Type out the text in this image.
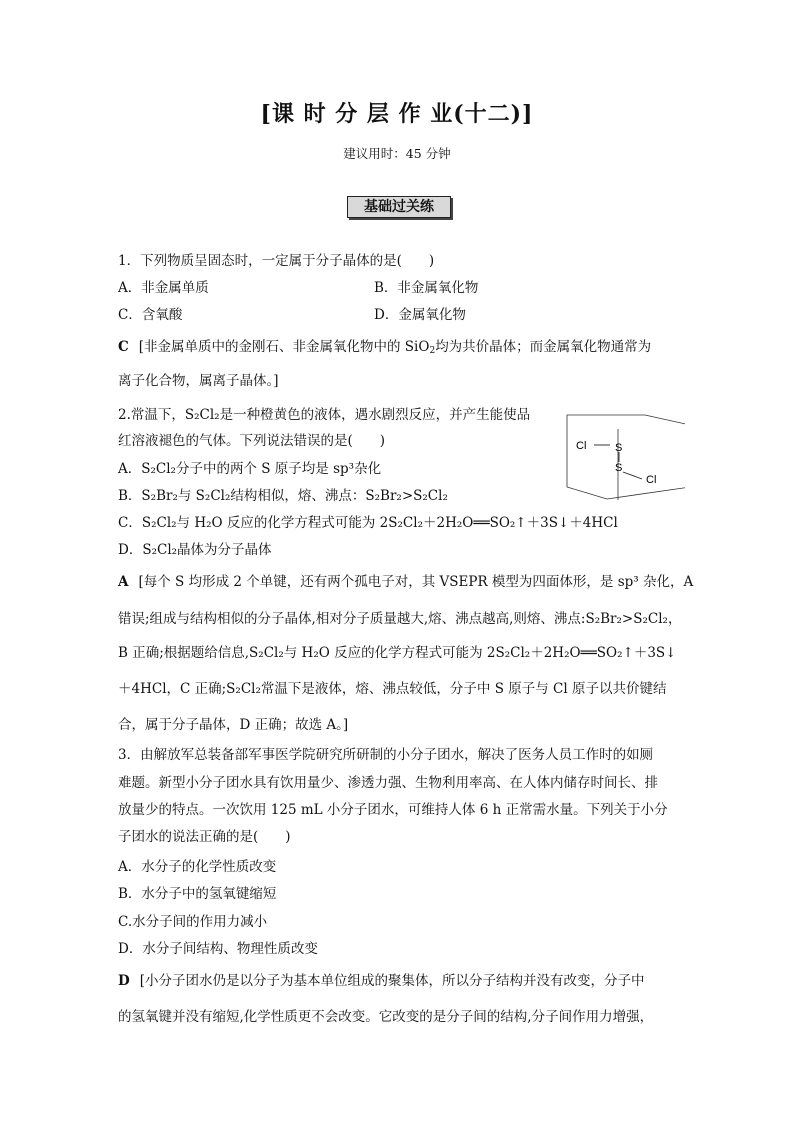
[课 时 分 层 作 业(十二)]
建议用时：45 分钟
基础过关练
1．下列物质呈固态时，一定属于分子晶体的是(　　)
A．非金属单质	B．非金属氧化物
C．含氧酸	D．金属氧化物
C [非金属单质中的金刚石、非金属氧化物中的 SiO$_2$均为共价晶体；而金属氧化物通常为
离子化合物，属离子晶体。]
2.常温下，S₂Cl₂是一种橙黄色的液体，遇水剧烈反应，并产生能使品
红溶液褪色的气体。下列说法错误的是(　　)
A．S₂Cl₂分子中的两个 S 原子均是 sp³杂化
B．S₂Br₂与 S₂Cl₂结构相似，熔、沸点：S₂Br₂>S₂Cl₂
C．S₂Cl₂与 H₂O 反应的化学方程式可能为 2S₂Cl₂＋2H₂O══SO₂↑＋3S↓＋4HCl
D．S₂Cl₂晶体为分子晶体
Cl	S
S
Cl
A [每个 S 均形成 2 个单键，还有两个孤电子对，其 VSEPR 模型为四面体形，是 sp³ 杂化，A
错误;组成与结构相似的分子晶体,相对分子质量越大,熔、沸点越高,则熔、沸点:S₂Br₂>S₂Cl₂，
B 正确;根据题给信息,S₂Cl₂与 H₂O 反应的化学方程式可能为 2S₂Cl₂＋2H₂O══SO₂↑＋3S↓
＋4HCl，C 正确;S₂Cl₂常温下是液体，熔、沸点较低，分子中 S 原子与 Cl 原子以共价键结
合，属于分子晶体，D 正确；故选 A。]
3．由解放军总装备部军事医学院研究所研制的小分子团水，解决了医务人员工作时的如厕
难题。新型小分子团水具有饮用量少、渗透力强、生物利用率高、在人体内储存时间长、排
放量少的特点。一次饮用 125 mL 小分子团水，可维持人体 6 h 正常需水量。下列关于小分
子团水的说法正确的是(　　)
A．水分子的化学性质改变
B．水分子中的氢氧键缩短
C.水分子间的作用力减小
D．水分子间结构、物理性质改变
D [小分子团水仍是以分子为基本单位组成的聚集体，所以分子结构并没有改变，分子中
的氢氧键并没有缩短,化学性质更不会改变。它改变的是分子间的结构,分子间作用力增强，
